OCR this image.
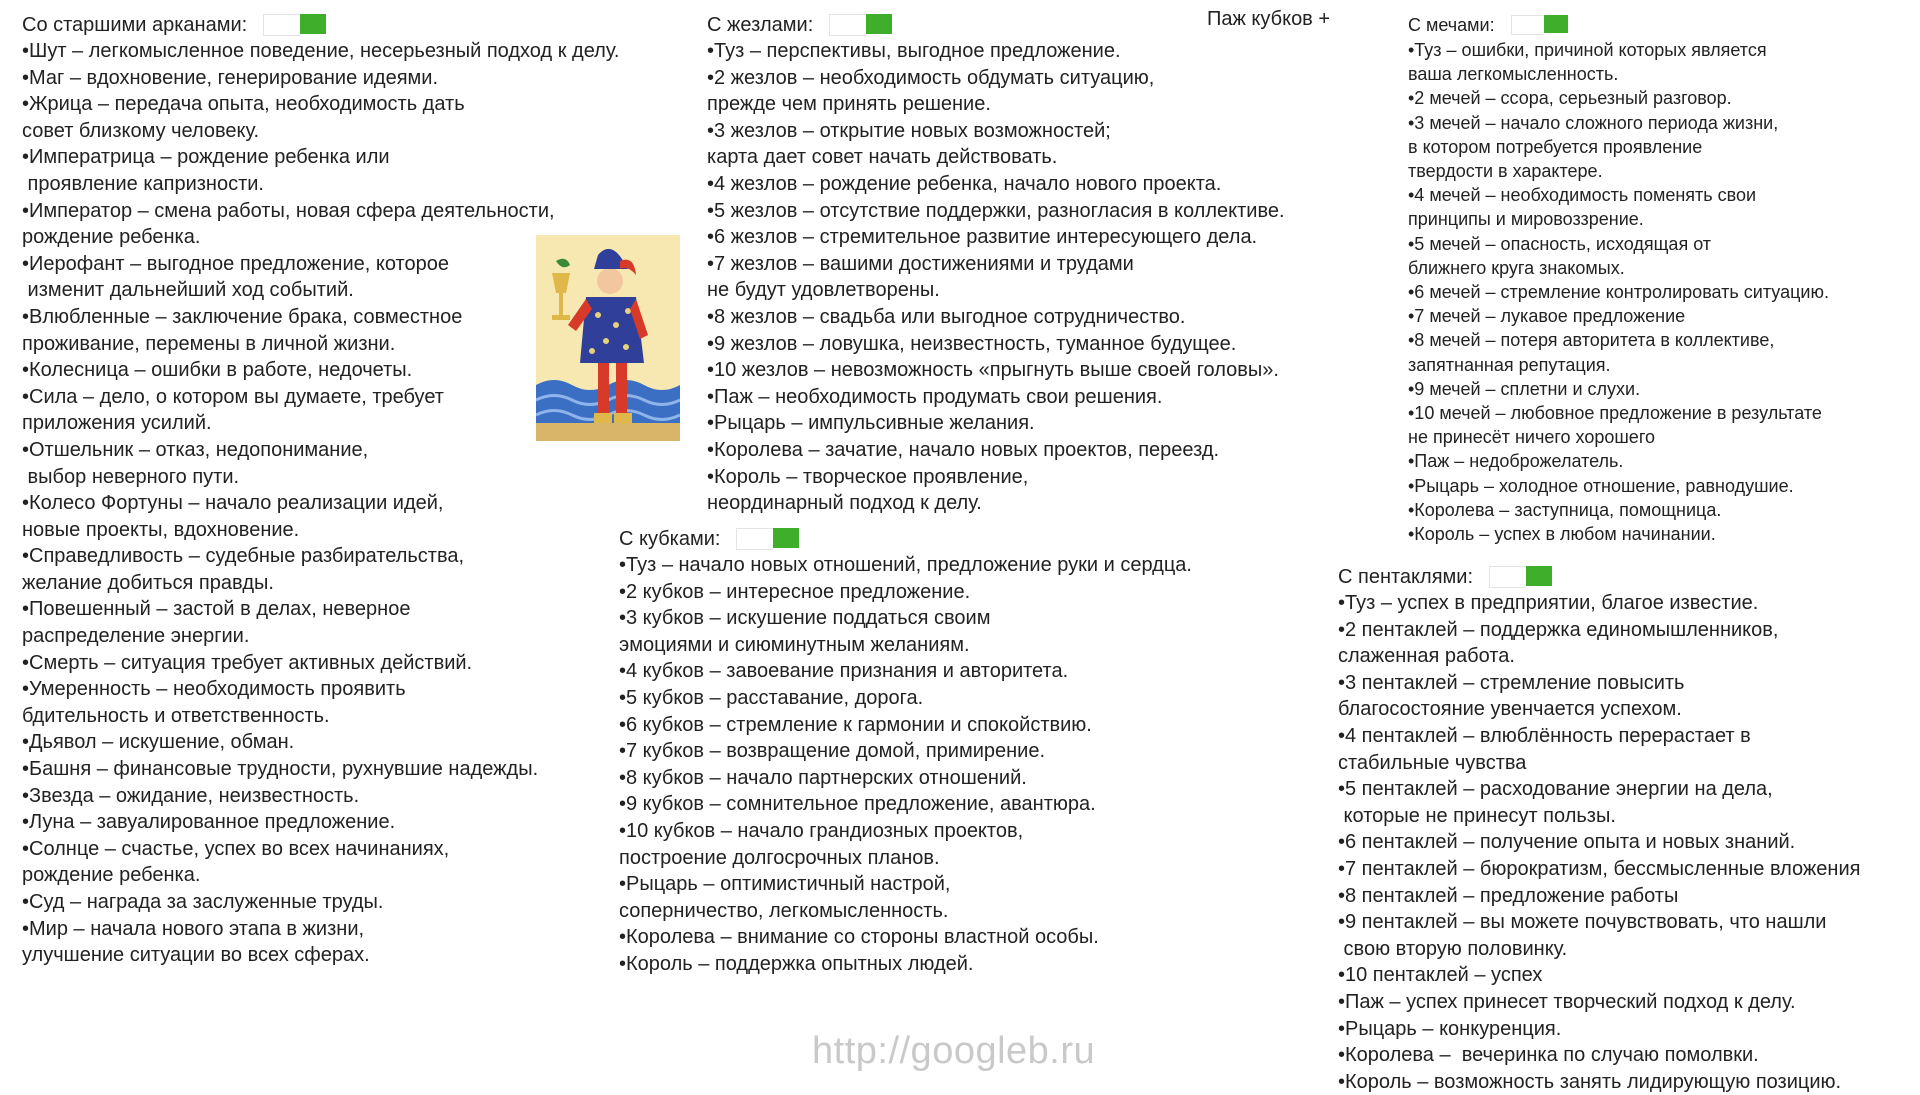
Со старшими арканами:
•Шут – легкомысленное поведение, несерьезный подход к делу.
•Маг – вдохновение, генерирование идеями.
•Жрица – передача опыта, необходимость дать
совет близкому человеку.
•Императрица – рождение ребенка или
проявление капризности.
•Император – смена работы, новая сфера деятельности,
рождение ребенка.
•Иерофант – выгодное предложение, которое
изменит дальнейший ход событий.
•Влюбленные – заключение брака, совместное
проживание, перемены в личной жизни.
•Колесница – ошибки в работе, недочеты.
•Сила – дело, о котором вы думаете, требует
приложения усилий.
•Отшельник – отказ, недопонимание,
выбор неверного пути.
•Колесо Фортуны – начало реализации идей,
новые проекты, вдохновение.
•Справедливость – судебные разбирательства,
желание добиться правды.
•Повешенный – застой в делах, неверное
распределение энергии.
•Смерть – ситуация требует активных действий.
•Умеренность – необходимость проявить
бдительность и ответственность.
•Дьявол – искушение, обман.
•Башня – финансовые трудности, рухнувшие надежды.
•Звезда – ожидание, неизвестность.
•Луна – завуалированное предложение.
•Солнце – счастье, успех во всех начинаниях,
рождение ребенка.
•Суд – награда за заслуженные труды.
•Мир – начала нового этапа в жизни,
улучшение ситуации во всех сферах.
Паж кубков +
С жезлами:
•Туз – перспективы, выгодное предложение.
•2 жезлов – необходимость обдумать ситуацию,
прежде чем принять решение.
•3 жезлов – открытие новых возможностей;
карта дает совет начать действовать.
•4 жезлов – рождение ребенка, начало нового проекта.
•5 жезлов – отсутствие поддержки, разногласия в коллективе.
•6 жезлов – стремительное развитие интересующего дела.
•7 жезлов – вашими достижениями и трудами
не будут удовлетворены.
•8 жезлов – свадьба или выгодное сотрудничество.
•9 жезлов – ловушка, неизвестность, туманное будущее.
•10 жезлов – невозможность «прыгнуть выше своей головы».
•Паж – необходимость продумать свои решения.
•Рыцарь – импульсивные желания.
•Королева – зачатие, начало новых проектов, переезд.
•Король – творческое проявление,
неординарный подход к делу.
С кубками:
•Туз – начало новых отношений, предложение руки и сердца.
•2 кубков – интересное предложение.
•3 кубков – искушение поддаться своим
эмоциями и сиюминутным желаниям.
•4 кубков – завоевание признания и авторитета.
•5 кубков – расставание, дорога.
•6 кубков – стремление к гармонии и спокойствию.
•7 кубков – возвращение домой, примирение.
•8 кубков – начало партнерских отношений.
•9 кубков – сомнительное предложение, авантюра.
•10 кубков – начало грандиозных проектов,
построение долгосрочных планов.
•Рыцарь – оптимистичный настрой,
соперничество, легкомысленность.
•Королева – внимание со стороны властной особы.
•Король – поддержка опытных людей.
С мечами:
•Туз – ошибки, причиной которых является
ваша легкомысленность.
•2 мечей – ссора, серьезный разговор.
•3 мечей – начало сложного периода жизни,
в котором потребуется проявление
твердости в характере.
•4 мечей – необходимость поменять свои
принципы и мировоззрение.
•5 мечей – опасность, исходящая от
ближнего круга знакомых.
•6 мечей – стремление контролировать ситуацию.
•7 мечей – лукавое предложение
•8 мечей – потеря авторитета в коллективе,
запятнанная репутация.
•9 мечей – сплетни и слухи.
•10 мечей – любовное предложение в результате
не принесёт ничего хорошего
•Паж – недоброжелатель.
•Рыцарь – холодное отношение, равнодушие.
•Королева – заступница, помощница.
•Король – успех в любом начинании.
С пентаклями:
•Туз – успех в предприятии, благое известие.
•2 пентаклей – поддержка единомышленников,
слаженная работа.
•3 пентаклей – стремление повысить
благосостояние увенчается успехом.
•4 пентаклей – влюблённость перерастает в
стабильные чувства
•5 пентаклей – расходование энергии на дела,
которые не принесут пользы.
•6 пентаклей – получение опыта и новых знаний.
•7 пентаклей – бюрократизм, бессмысленные вложения
•8 пентаклей – предложение работы
•9 пентаклей – вы можете почувствовать, что нашли
свою вторую половинку.
•10 пентаклей – успех
•Паж – успех принесет творческий подход к делу.
•Рыцарь – конкуренция.
•Королева –  вечеринка по случаю помолвки.
•Король – возможность занять лидирующую позицию.
http://googleb.ru
